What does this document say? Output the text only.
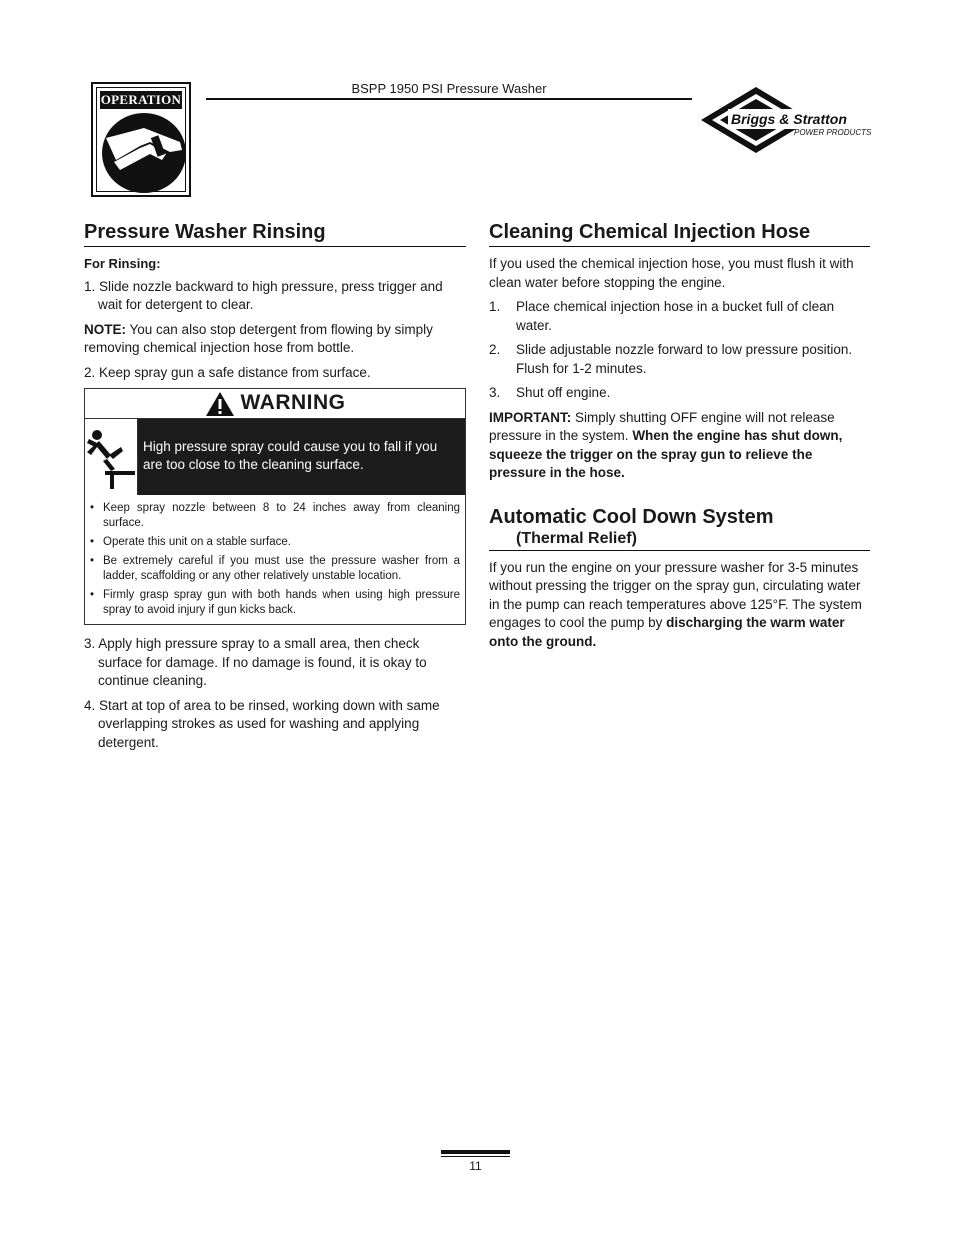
OPERATION
BSPP 1950 PSI Pressure Washer
Briggs & Stratton
POWER PRODUCTS
Pressure Washer Rinsing
For Rinsing:

1. Slide nozzle backward to high pressure, press trigger and wait for detergent to clear.

NOTE: You can also stop detergent from flowing by simply removing chemical injection hose from bottle.

2. Keep spray gun a safe distance from surface.

WARNING
High pressure spray could cause you to fall if you are too close to the cleaning surface.
• Keep spray nozzle between 8 to 24 inches away from cleaning surface.
• Operate this unit on a stable surface.
• Be extremely careful if you must use the pressure washer from a ladder, scaffolding or any other relatively unstable location.
• Firmly grasp spray gun with both hands when using high pressure spray to avoid injury if gun kicks back.

3. Apply high pressure spray to a small area, then check surface for damage. If no damage is found, it is okay to continue cleaning.

4. Start at top of area to be rinsed, working down with same overlapping strokes as used for washing and applying detergent.

Cleaning Chemical Injection Hose

If you used the chemical injection hose, you must flush it with clean water before stopping the engine.

1. Place chemical injection hose in a bucket full of clean water.
2. Slide adjustable nozzle forward to low pressure position. Flush for 1-2 minutes.
3. Shut off engine.

IMPORTANT: Simply shutting OFF engine will not release pressure in the system. When the engine has shut down, squeeze the trigger on the spray gun to relieve the pressure in the hose.

Automatic Cool Down System
(Thermal Relief)

If you run the engine on your pressure washer for 3-5 minutes without pressing the trigger on the spray gun, circulating water in the pump can reach temperatures above 125°F. The system engages to cool the pump by discharging the warm water onto the ground.

11
